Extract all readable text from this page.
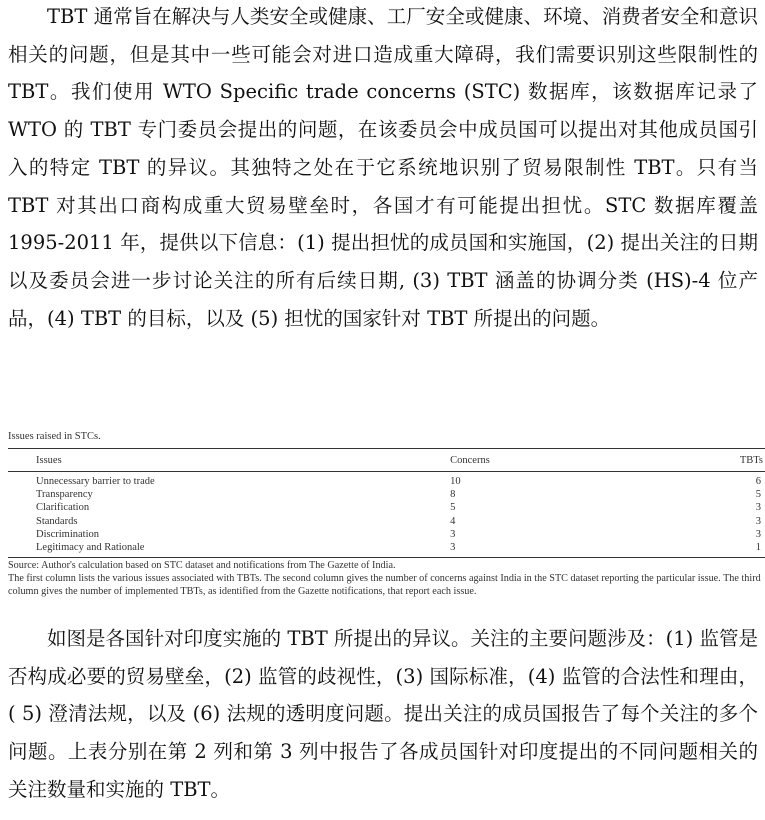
TBT 通常旨在解决与人类安全或健康、工厂安全或健康、环境、消费者安全和意识相关的问题，但是其中一些可能会对进口造成重大障碍，我们需要识别这些限制性的 TBT。我们使用 WTO Specific trade concerns (STC) 数据库，该数据库记录了 WTO 的 TBT 专门委员会提出的问题，在该委员会中成员国可以提出对其他成员国引入的特定 TBT 的异议。其独特之处在于它系统地识别了贸易限制性 TBT。只有当 TBT 对其出口商构成重大贸易壁垒时，各国才有可能提出担忧。STC 数据库覆盖 1995-2011 年，提供以下信息：(1) 提出担忧的成员国和实施国，(2) 提出关注的日期以及委员会进一步讨论关注的所有后续日期, (3) TBT 涵盖的协调分类 (HS)-4 位产品，(4) TBT 的目标，以及 (5) 担忧的国家针对 TBT 所提出的问题。

Issues raised in STCs.
Issues	Concerns	TBTs
Unnecessary barrier to trade	10	6
Transparency	8	5
Clarification	5	3
Standards	4	3
Discrimination	3	3
Legitimacy and Rationale	3	1
Source: Author's calculation based on STC dataset and notifications from The Gazette of India.
The first column lists the various issues associated with TBTs. The second column gives the number of concerns against India in the STC dataset reporting the particular issue. The third column gives the number of implemented TBTs, as identified from the Gazette notifications, that report each issue.

如图是各国针对印度实施的 TBT 所提出的异议。关注的主要问题涉及：(1) 监管是否构成必要的贸易壁垒，(2) 监管的歧视性，(3) 国际标准，(4) 监管的合法性和理由，( 5) 澄清法规，以及 (6) 法规的透明度问题。提出关注的成员国报告了每个关注的多个问题。上表分别在第 2 列和第 3 列中报告了各成员国针对印度提出的不同问题相关的关注数量和实施的 TBT。
